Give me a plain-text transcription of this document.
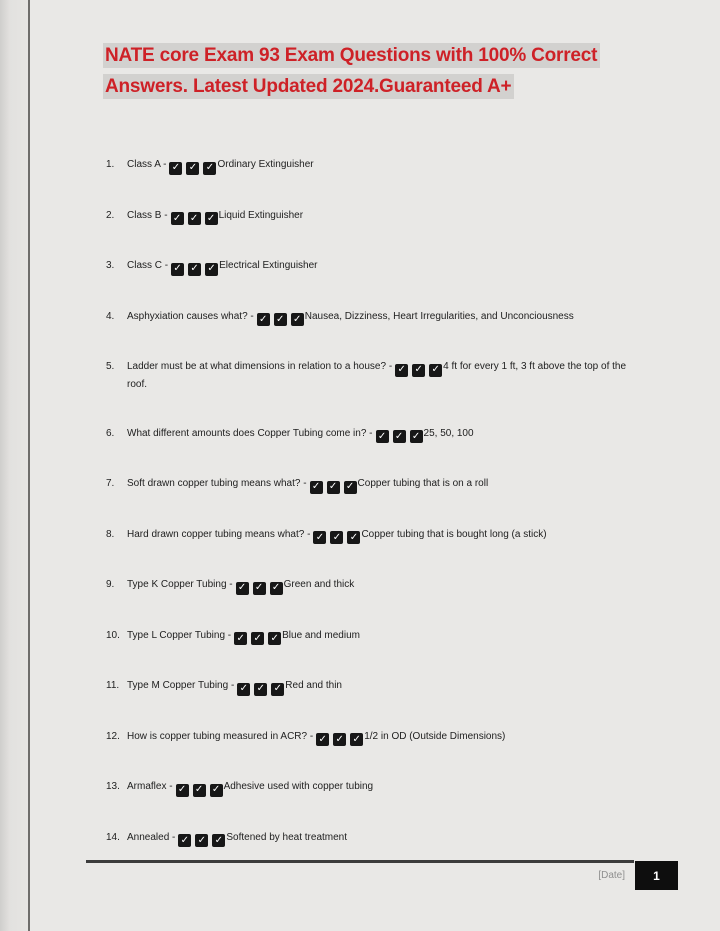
NATE core Exam 93 Exam Questions with 100% Correct
Answers. Latest Updated 2024.Guaranteed A+
1.	Class A - ✓ ✓ ✓ Ordinary Extinguisher
2.	Class B - ✓ ✓ ✓ Liquid Extinguisher
3.	Class C - ✓ ✓ ✓ Electrical Extinguisher
4.	Asphyxiation causes what? - ✓ ✓ ✓ Nausea, Dizziness, Heart Irregularities, and Unconciousness
5.	Ladder must be at what dimensions in relation to a house? - ✓ ✓ ✓ 4 ft for every 1 ft, 3 ft above the top of the roof.
6.	What different amounts does Copper Tubing come in? - ✓ ✓ ✓ 25, 50, 100
7.	Soft drawn copper tubing means what? - ✓ ✓ ✓ Copper tubing that is on a roll
8.	Hard drawn copper tubing means what? - ✓ ✓ ✓ Copper tubing that is bought long (a stick)
9.	Type K Copper Tubing - ✓ ✓ ✓ Green and thick
10. Type L Copper Tubing - ✓ ✓ ✓ Blue and medium
11. Type M Copper Tubing - ✓ ✓ ✓ Red and thin
12. How is copper tubing measured in ACR? - ✓ ✓ ✓ 1/2 in OD (Outside Dimensions)
13. Armaflex - ✓ ✓ ✓ Adhesive used with copper tubing
14. Annealed - ✓ ✓ ✓ Softened by heat treatment
[Date] 1
